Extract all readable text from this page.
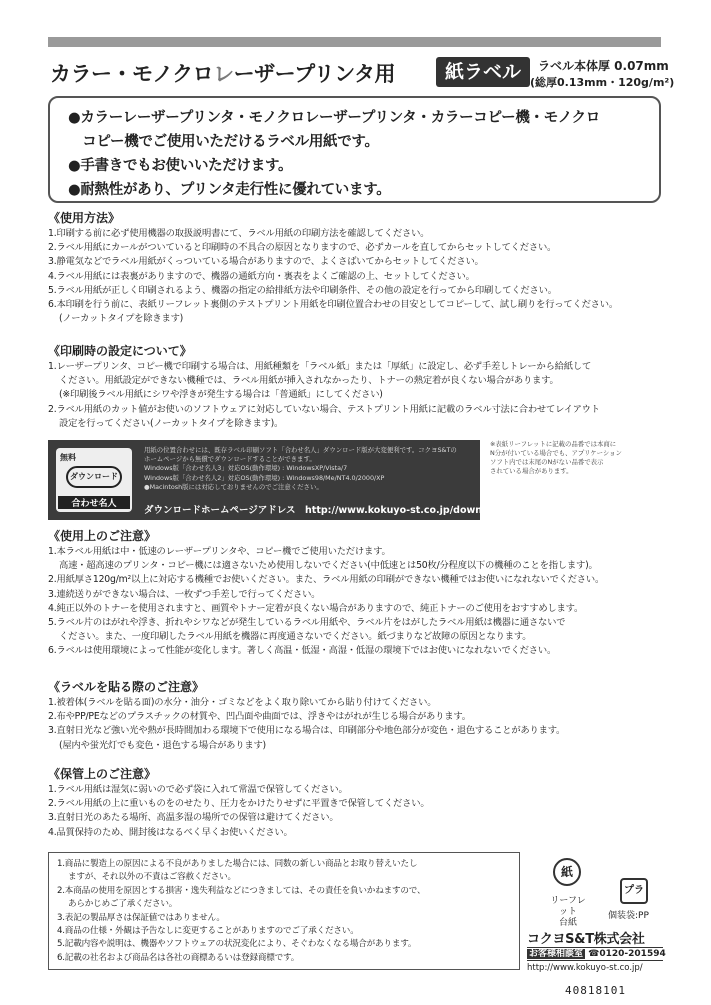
カラー・モノクロレーザープリンタ用	紙ラベル	ラベル本体厚 0.07mm
(総厚0.13mm・120g/m²)

●カラーレーザープリンタ・モノクロレーザープリンタ・カラーコピー機・モノクロ

　コピー機でご使用いただけるラベル用紙です。

●手書きでもお使いいただけます。

●耐熱性があり、プリンタ走行性に優れています。

《使用方法》
1.印刷する前に必ず使用機器の取扱説明書にて、ラベル用紙の印刷方法を確認してください。
2.ラベル用紙にカールがついていると印刷時の不具合の原因となりますので、必ずカールを直してからセットしてください。
3.静電気などでラベル用紙がくっついている場合がありますので、よくさばいてからセットしてください。
4.ラベル用紙には表裏がありますので、機器の通紙方向・裏表をよくご確認の上、セットしてください。
5.ラベル用紙が正しく印刷されるよう、機器の指定の給排紙方法や印刷条件、その他の設定を行ってから印刷してください。
6.本印刷を行う前に、表紙リーフレット裏側のテストプリント用紙を印刷位置合わせの目安としてコピーして、試し刷りを行ってください。
(ノーカットタイプを除きます)
《印刷時の設定について》
1.レーザープリンタ、コピー機で印刷する場合は、用紙種類を「ラベル紙」または「厚紙」に設定し、必ず手差しトレーから給紙して
ください。用紙設定ができない機種では、ラベル用紙が挿入されなかったり、トナーの熱定着が良くない場合があります。
(※印刷後ラベル用紙にシワや浮きが発生する場合は「普通紙」にしてください)
2.ラベル用紙のカット値がお使いのソフトウェアに対応していない場合、テストプリント用紙に記載のラベル寸法に合わせてレイアウト
設定を行ってください(ノーカットタイプを除きます)。
無料
ダウンロード
合わせ名人
用紙の位置合わせには、既存ラベル印刷ソフト「合わせ名人」ダウンロード版が大変便利です。コクヨS&Tの
ホームページから無償でダウンロードすることができます。
Windows版「合わせ名人3」対応OS(動作環境) : WindowsXP/Vista/7
Windows版「合わせ名人2」対応OS(動作環境) : Windows98/Me/NT4.0/2000/XP
●Macintosh版には対応しておりませんのでご注意ください。
ダウンロードホームページアドレス　http://www.kokuyo-st.co.jp/download/
※表紙リーフレットに記載の品番では本商に
N分が付いている場合でも、アプリケーション
ソフト内では末尾のNがない品番で表示
されている場合があります。
《使用上のご注意》
1.本ラベル用紙は中・低速のレーザープリンタや、コピー機でご使用いただけます。
高速・超高速のプリンタ・コピー機には適さないため使用しないでください(中低速とは50枚/分程度以下の機種のことを指します)。
2.用紙厚さ120g/m²以上に対応する機種でお使いください。また、ラベル用紙の印刷ができない機種ではお使いになれないでください。
3.連続送りができない場合は、一枚ずつ手差しで行ってください。
4.純正以外のトナーを使用されますと、画質やトナー定着が良くない場合がありますので、純正トナーのご使用をおすすめします。
5.ラベル片のはがれや浮き、折れやシワなどが発生しているラベル用紙や、ラベル片をはがしたラベル用紙は機器に通さないで
ください。また、一度印刷したラベル用紙を機器に再度通さないでください。紙づまりなど故障の原因となります。
6.ラベルは使用環境によって性能が変化します。著しく高温・低湿・高湿・低湿の環境下ではお使いになれないでください。
《ラベルを貼る際のご注意》
1.被着体(ラベルを貼る面)の水分・油分・ゴミなどをよく取り除いてから貼り付けてください。
2.布やPP/PEなどのプラスチックの材質や、凹凸面や曲面では、浮きやはがれが生じる場合があります。
3.直射日光など強い光や熱が長時間加わる環境下で使用になる場合は、印刷部分や地色部分が変色・退色することがあります。
(屋内や蛍光灯でも変色・退色する場合があります)
《保管上のご注意》
1.ラベル用紙は湿気に弱いので必ず袋に入れて常温で保管してください。
2.ラベル用紙の上に重いものをのせたり、圧力をかけたりせずに平置きで保管してください。
3.直射日光のあたる場所、高温多湿の場所での保管は避けてください。
4.品質保持のため、開封後はなるべく早くお使いください。
1.商品に製造上の原因による不良がありました場合には、同数の新しい商品とお取り替えいたし
ますが、それ以外の不責はご容赦ください。
2.本商品の使用を原因とする損害・逸失利益などにつきましては、その責任を負いかねますので、
あらかじめご了承ください。
3.表記の製品厚さは保証値ではありません。
4.商品の仕様・外観は予告なしに変更することがありますのでご了承ください。
5.記載内容や説明は、機器やソフトウェアの状況変化により、そぐわなくなる場合があります。
6.記載の社名および商品名は各社の商標あるいは登録商標です。
紙
リーフレット
台紙
プラ
個装袋:PP
コクヨS&T株式会社
お客様相談室 ☎0120-201594
http://www.kokuyo-st.co.jp/
40818101
